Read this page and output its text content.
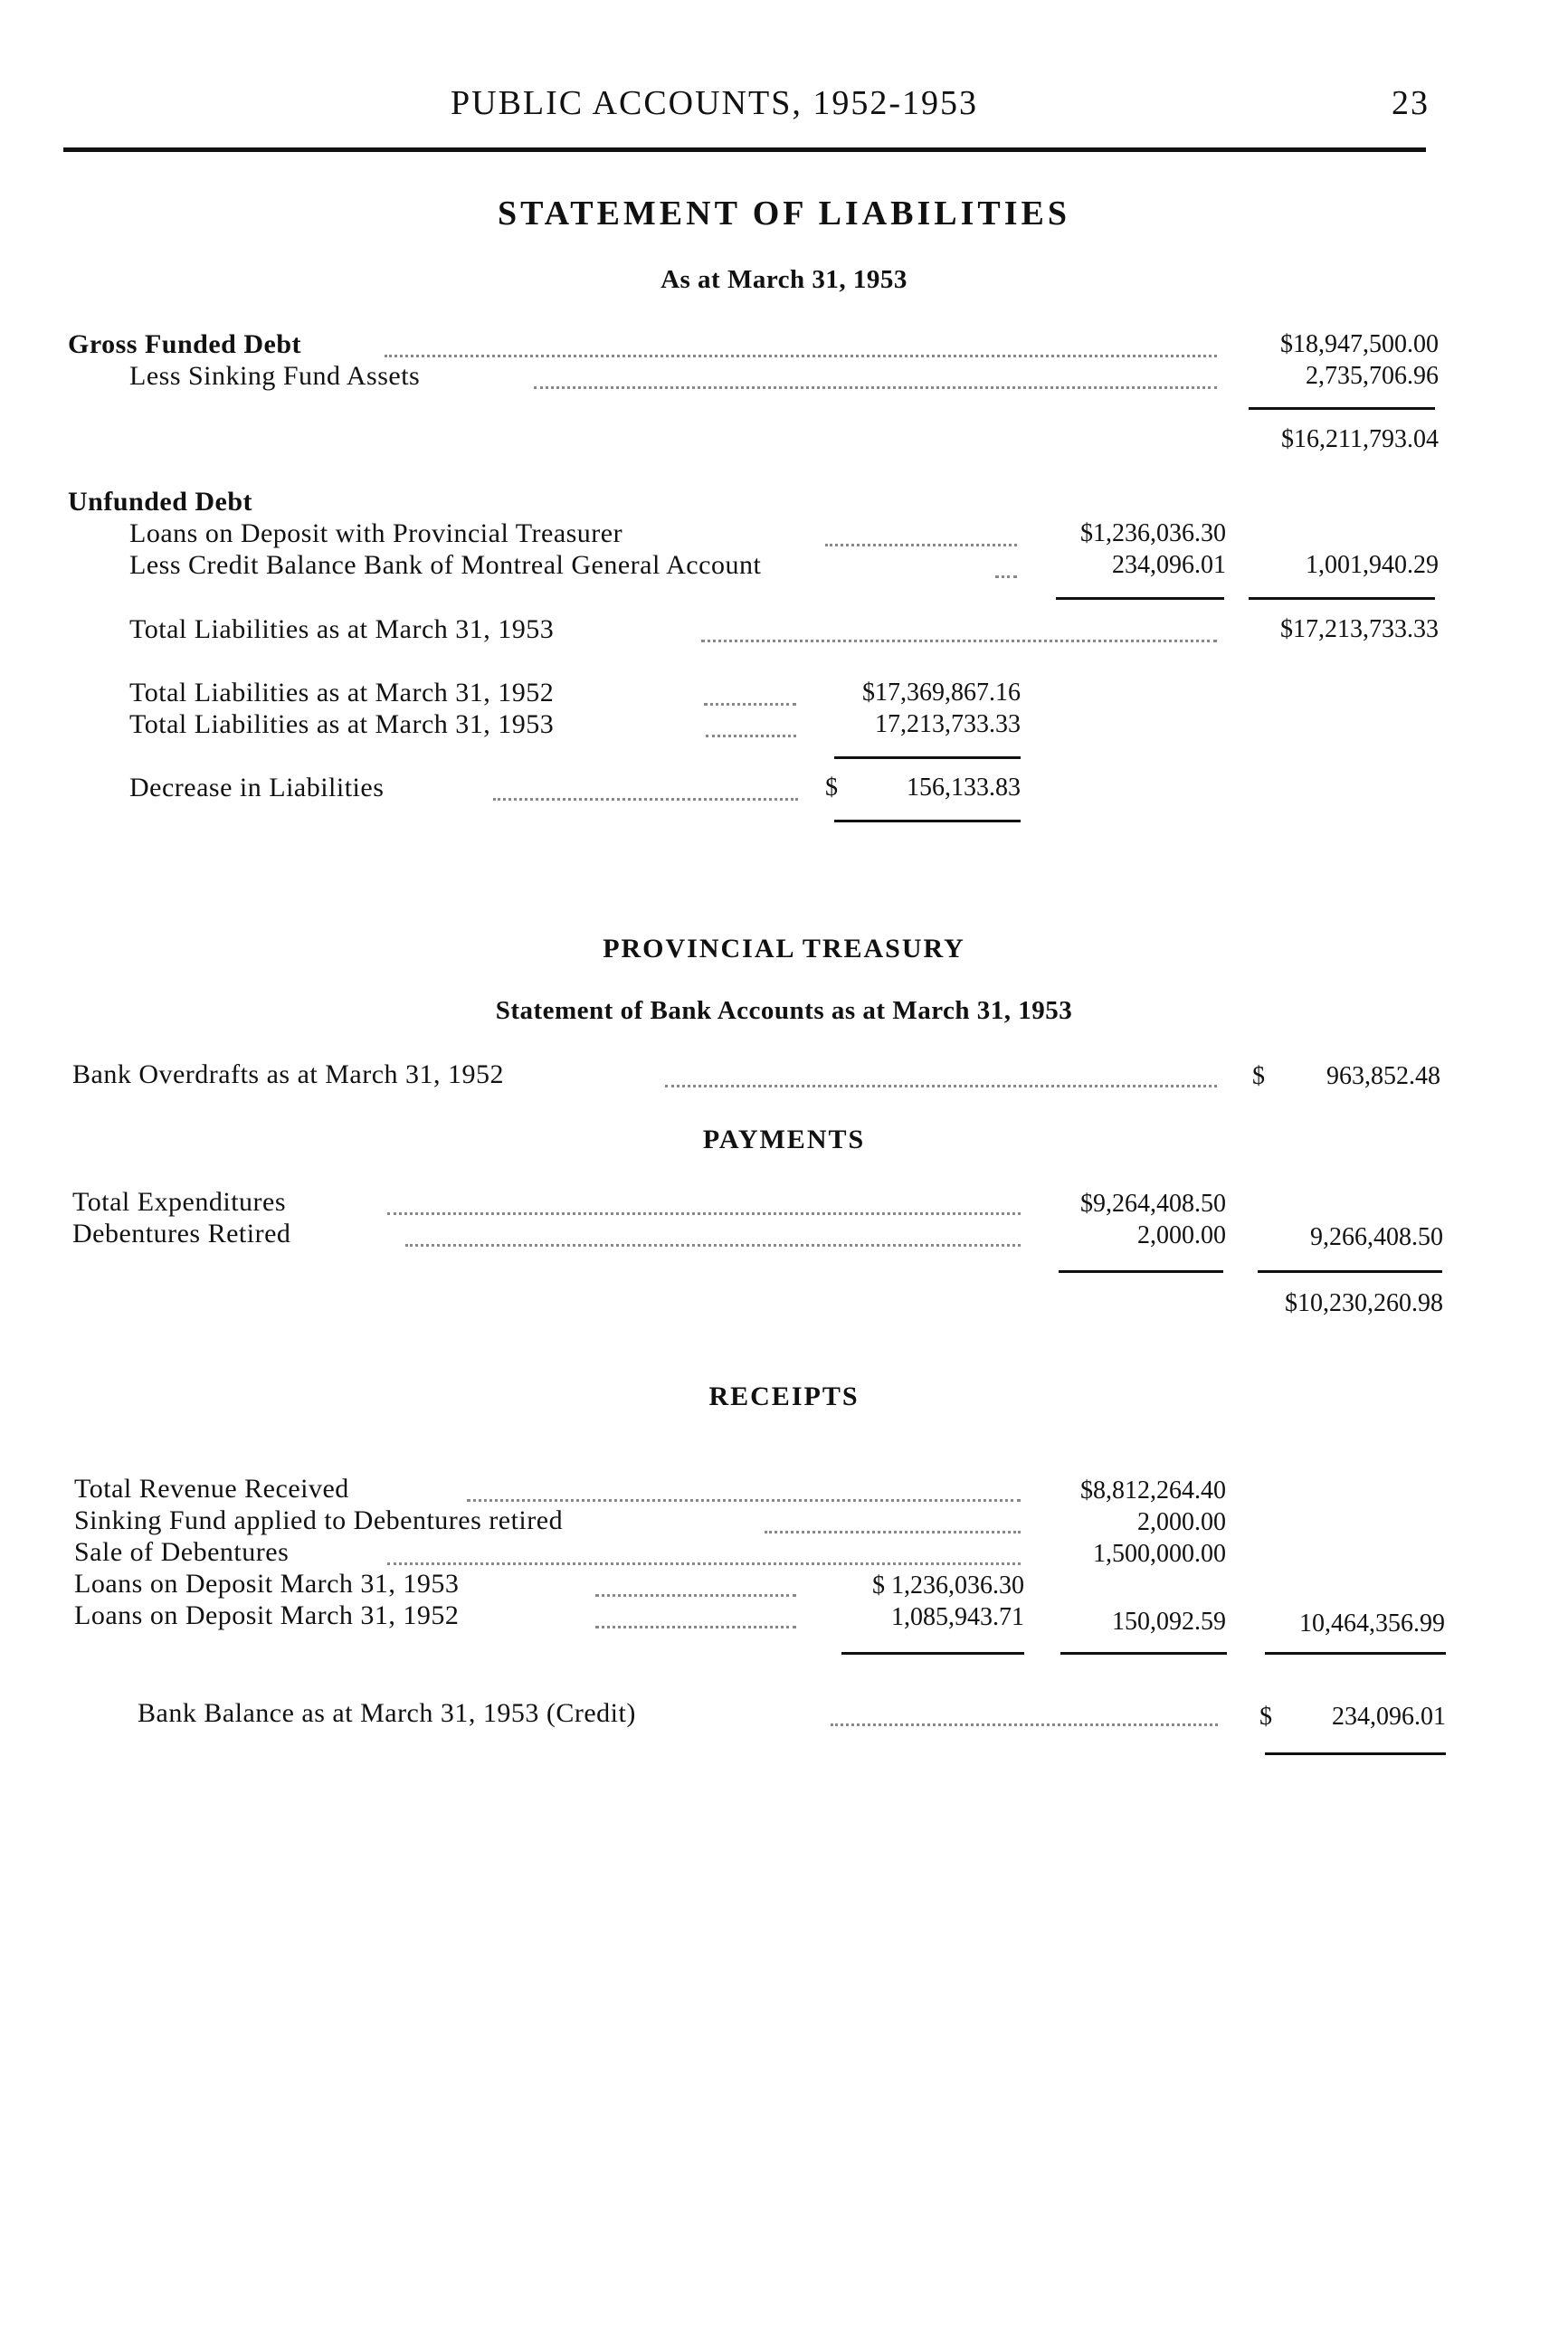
PUBLIC ACCOUNTS, 1952-1953	23
STATEMENT OF LIABILITIES
As at March 31, 1953
Gross Funded Debt	$18,947,500.00
Less Sinking Fund Assets	2,735,706.96
$16,211,793.04
Unfunded Debt
Loans on Deposit with Provincial Treasurer	$1,236,036.30
Less Credit Balance Bank of Montreal General Account	234,096.01	1,001,940.29
Total Liabilities as at March 31, 1953	$17,213,733.33
Total Liabilities as at March 31, 1952	$17,369,867.16
Total Liabilities as at March 31, 1953	17,213,733.33
Decrease in Liabilities	$	156,133.83
PROVINCIAL TREASURY
Statement of Bank Accounts as at March 31, 1953
Bank Overdrafts as at March 31, 1952	$	963,852.48
PAYMENTS
Total Expenditures	$9,264,408.50
Debentures Retired	2,000.00	9,266,408.50
$10,230,260.98
RECEIPTS
Total Revenue Received	$8,812,264.40
Sinking Fund applied to Debentures retired	2,000.00
Sale of Debentures	1,500,000.00
Loans on Deposit March 31, 1953	$ 1,236,036.30
Loans on Deposit March 31, 1952	1,085,943.71	150,092.59	10,464,356.99
Bank Balance as at March 31, 1953 (Credit)	$	234,096.01
